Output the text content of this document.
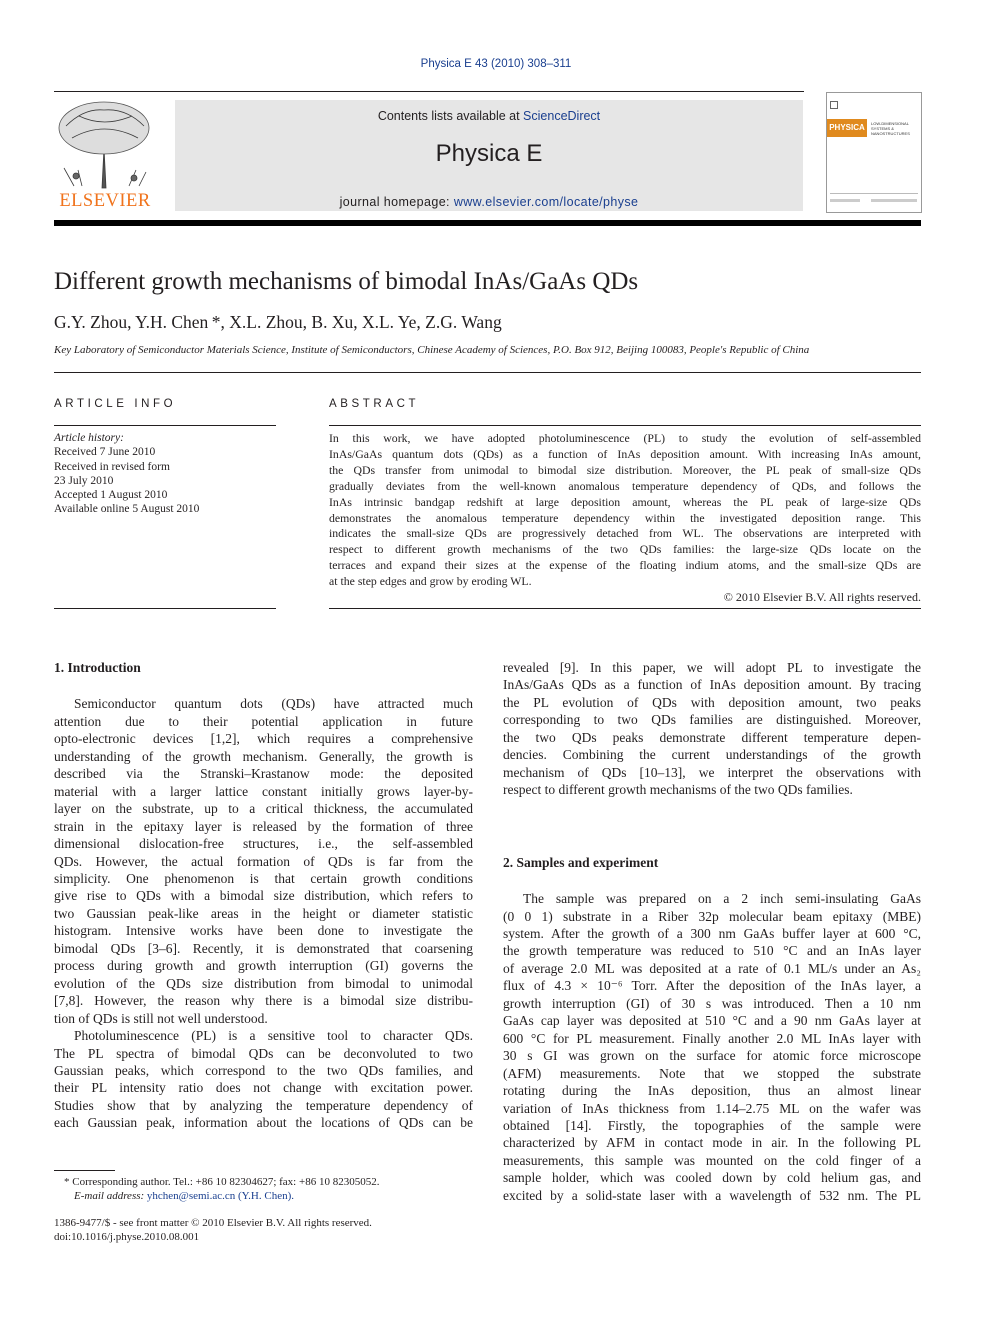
Physica E 43 (2010) 308–311
ELSEVIER
Contents lists available at ScienceDirect
Physica E
journal homepage: www.elsevier.com/locate/physe
PHYSICA	LOW-DIMENSIONAL SYSTEMS & NANOSTRUCTURES
Different growth mechanisms of bimodal InAs/GaAs QDs
G.Y. Zhou, Y.H. Chen *, X.L. Zhou, B. Xu, X.L. Ye, Z.G. Wang
Key Laboratory of Semiconductor Materials Science, Institute of Semiconductors, Chinese Academy of Sciences, P.O. Box 912, Beijing 100083, People's Republic of China
ARTICLE INFO	ABSTRACT
Article history:
Received 7 June 2010
Received in revised form
23 July 2010
Accepted 1 August 2010
Available online 5 August 2010
In this work, we have adopted photoluminescence (PL) to study the evolution of self-assembled
InAs/GaAs quantum dots (QDs) as a function of InAs deposition amount. With increasing InAs amount,
the QDs transfer from unimodal to bimodal size distribution. Moreover, the PL peak of small-size QDs
gradually deviates from the well-known anomalous temperature dependency of QDs, and follows the
InAs intrinsic bandgap redshift at large deposition amount, whereas the PL peak of large-size QDs
demonstrates the anomalous temperature dependency within the investigated deposition range. This
indicates the small-size QDs are progressively detached from WL. The observations are interpreted with
respect to different growth mechanisms of the two QDs families: the large-size QDs locate on the
terraces and expand their sizes at the expense of the floating indium atoms, and the small-size QDs are
at the step edges and grow by eroding WL.
© 2010 Elsevier B.V. All rights reserved.
1. Introduction
Semiconductor quantum dots (QDs) have attracted much
attention due to their potential application in future
opto-electronic devices [1,2], which requires a comprehensive
understanding of the growth mechanism. Generally, the growth is
described via the Stranski–Krastanow mode: the deposited
material with a larger lattice constant initially grows layer-by-
layer on the substrate, up to a critical thickness, the accumulated
strain in the epitaxy layer is released by the formation of three
dimensional dislocation-free structures, i.e., the self-assembled
QDs. However, the actual formation of QDs is far from the
simplicity. One phenomenon is that certain growth conditions
give rise to QDs with a bimodal size distribution, which refers to
two Gaussian peak-like areas in the height or diameter statistic
histogram. Intensive works have been done to investigate the
bimodal QDs [3–6]. Recently, it is demonstrated that coarsening
process during growth and growth interruption (GI) governs the
evolution of the QDs size distribution from bimodal to unimodal
[7,8]. However, the reason why there is a bimodal size distribu-
tion of QDs is still not well understood.
Photoluminescence (PL) is a sensitive tool to character QDs.
The PL spectra of bimodal QDs can be deconvoluted to two
Gaussian peaks, which correspond to the two QDs families, and
their PL intensity ratio does not change with excitation power.
Studies show that by analyzing the temperature dependency of
each Gaussian peak, information about the locations of QDs can be
revealed [9]. In this paper, we will adopt PL to investigate the
InAs/GaAs QDs as a function of InAs deposition amount. By tracing
the PL evolution of QDs with deposition amount, two peaks
corresponding to two QDs families are distinguished. Moreover,
the two QDs peaks demonstrate different temperature depen-
dencies. Combining the current understandings of the growth
mechanism of QDs [10–13], we interpret the observations with
respect to different growth mechanisms of the two QDs families.
2. Samples and experiment
The sample was prepared on a 2 inch semi-insulating GaAs
(0 0 1) substrate in a Riber 32p molecular beam epitaxy (MBE)
system. After the growth of a 300 nm GaAs buffer layer at 600 °C,
the growth temperature was reduced to 510 °C and an InAs layer
of average 2.0 ML was deposited at a rate of 0.1 ML/s under an As₂
flux of 4.3 × 10⁻⁶ Torr. After the deposition of the InAs layer, a
growth interruption (GI) of 30 s was introduced. Then a 10 nm
GaAs cap layer was deposited at 510 °C and a 90 nm GaAs layer at
600 °C for PL measurement. Finally another 2.0 ML InAs layer with
30 s GI was grown on the surface for atomic force microscope
(AFM) measurements. Note that we stopped the substrate
rotating during the InAs deposition, thus an almost linear
variation of InAs thickness from 1.14–2.75 ML on the wafer was
obtained [14]. Firstly, the topographies of the sample were
characterized by AFM in contact mode in air. In the following PL
measurements, this sample was mounted on the cold finger of a
sample holder, which was cooled down by cold helium gas, and
excited by a solid-state laser with a wavelength of 532 nm. The PL
* Corresponding author. Tel.: +86 10 82304627; fax: +86 10 82305052.
E-mail address: yhchen@semi.ac.cn (Y.H. Chen).
1386-9477/$ - see front matter © 2010 Elsevier B.V. All rights reserved.
doi:10.1016/j.physe.2010.08.001
